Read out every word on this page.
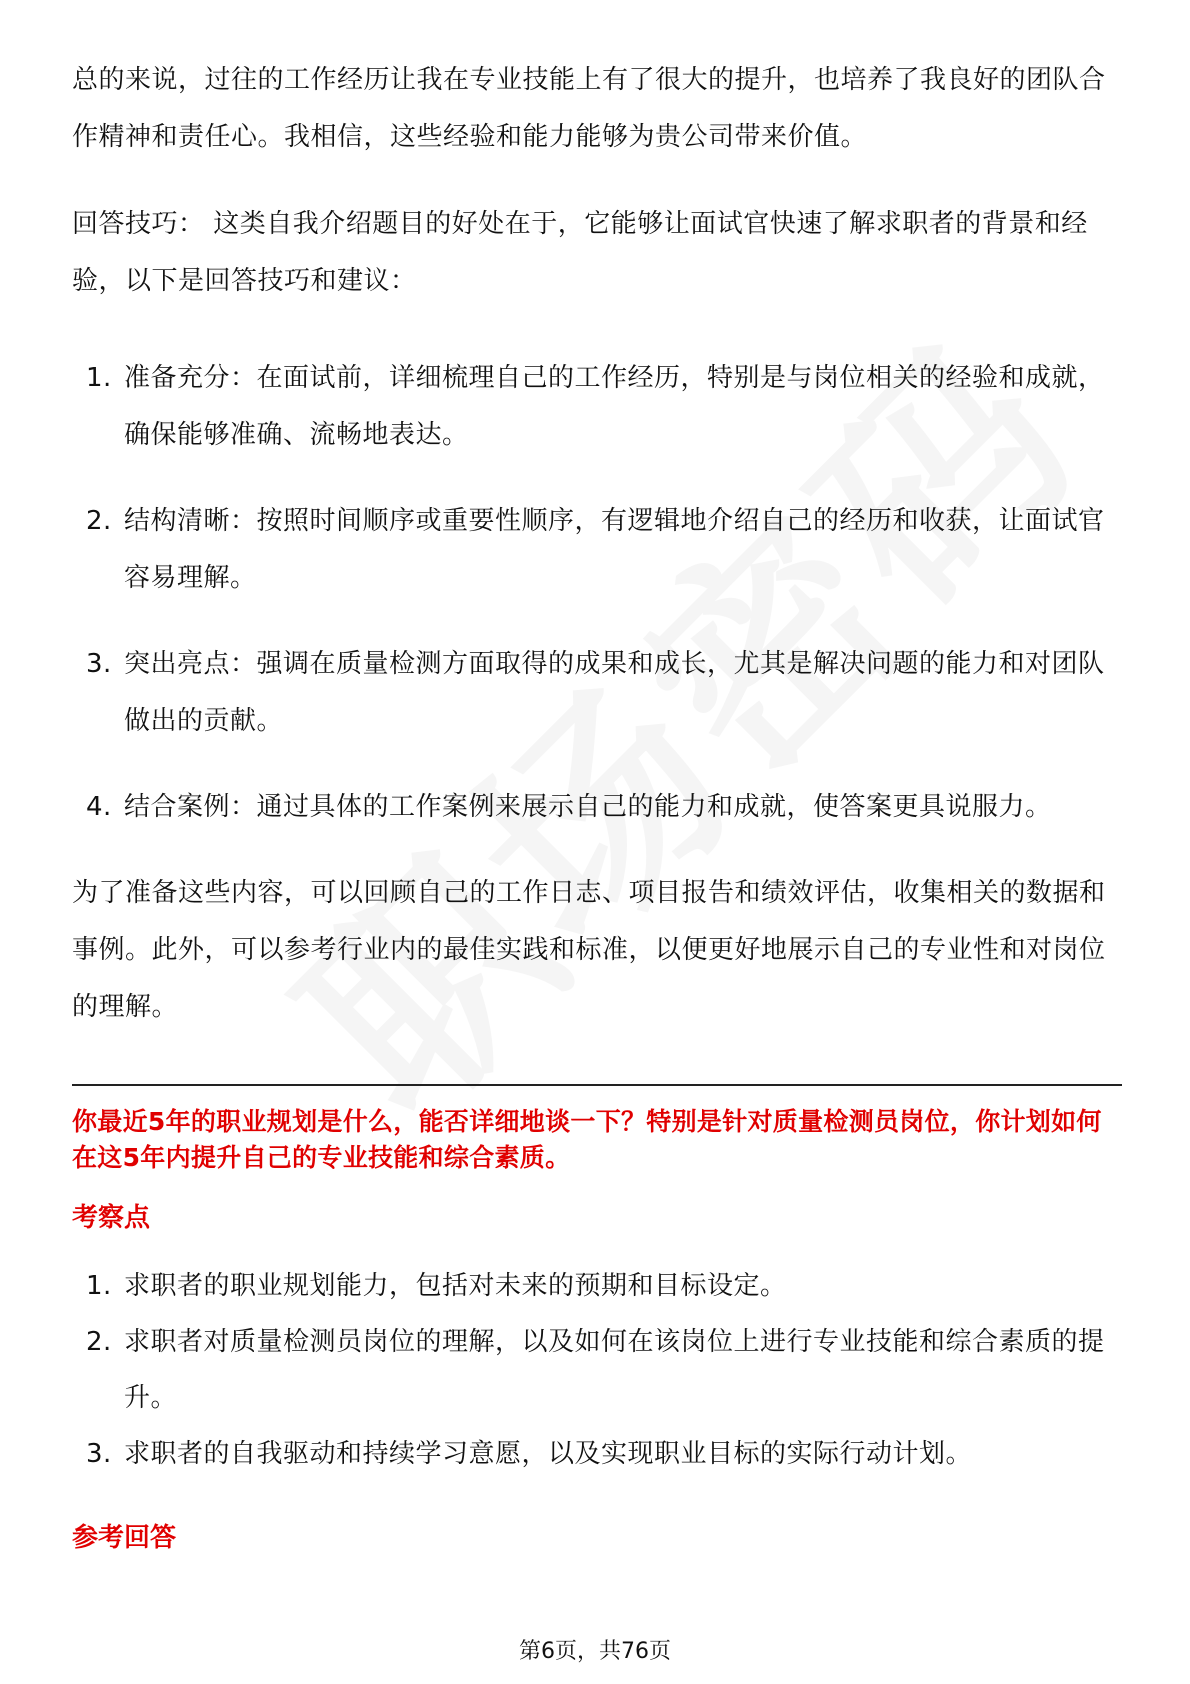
总的来说，过往的工作经历让我在专业技能上有了很大的提升，也培养了我良好的团队合作精神和责任心。我相信，这些经验和能力能够为贵公司带来价值。

回答技巧： 这类自我介绍题目的好处在于，它能够让面试官快速了解求职者的背景和经验，以下是回答技巧和建议：

1. 准备充分：在面试前，详细梳理自己的工作经历，特别是与岗位相关的经验和成就，确保能够准确、流畅地表达。
2. 结构清晰：按照时间顺序或重要性顺序，有逻辑地介绍自己的经历和收获，让面试官容易理解。
3. 突出亮点：强调在质量检测方面取得的成果和成长，尤其是解决问题的能力和对团队做出的贡献。
4. 结合案例：通过具体的工作案例来展示自己的能力和成就，使答案更具说服力。

为了准备这些内容，可以回顾自己的工作日志、项目报告和绩效评估，收集相关的数据和事例。此外，可以参考行业内的最佳实践和标准，以便更好地展示自己的专业性和对岗位的理解。

你最近5年的职业规划是什么，能否详细地谈一下？特别是针对质量检测员岗位，你计划如何在这5年内提升自己的专业技能和综合素质。
考察点
1. 求职者的职业规划能力，包括对未来的预期和目标设定。
2. 求职者对质量检测员岗位的理解，以及如何在该岗位上进行专业技能和综合素质的提升。
3. 求职者的自我驱动和持续学习意愿，以及实现职业目标的实际行动计划。
参考回答
第6页，共76页
